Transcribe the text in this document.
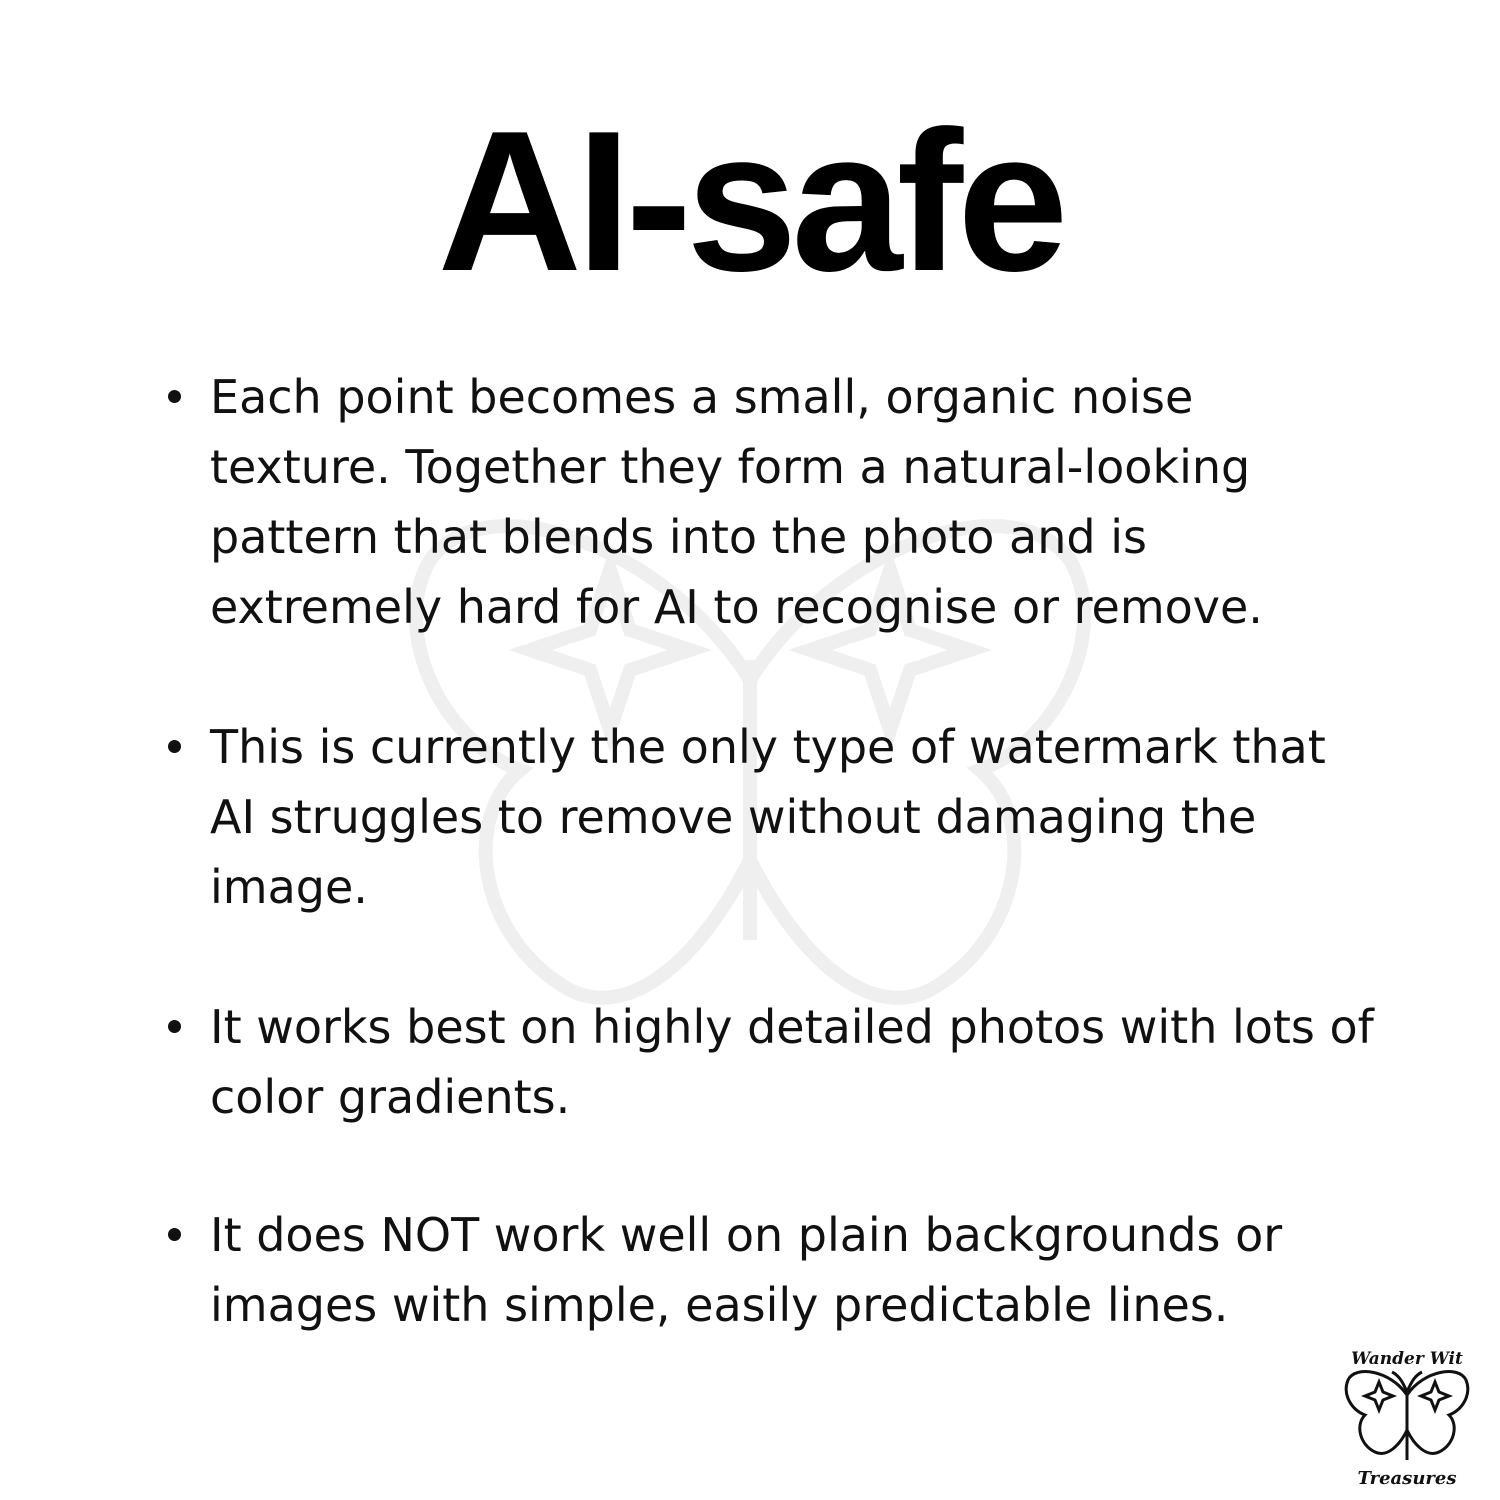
AI-safe
Each point becomes a small, organic noise texture. Together they form a natural-looking pattern that blends into the photo and is extremely hard for AI to recognise or remove.
This is currently the only type of watermark that AI struggles to remove without damaging the image.
It works best on highly detailed photos with lots of color gradients.
It does NOT work well on plain backgrounds or images with simple, easily predictable lines.
Wander Wit
Treasures
